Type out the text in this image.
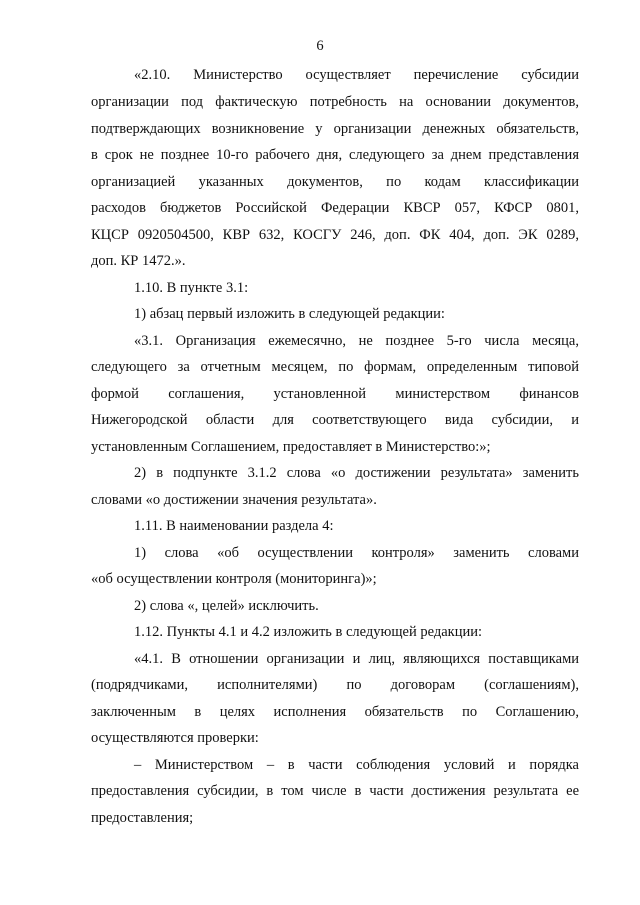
6
«2.10. Министерство осуществляет перечисление субсидии
организации под фактическую потребность на основании документов,
подтверждающих возникновение у организации денежных обязательств,
в срок не позднее 10-го рабочего дня, следующего за днем представления
организацией указанных документов, по кодам классификации
расходов бюджетов Российской Федерации КВСР 057, КФСР 0801,
КЦСР 0920504500, КВР 632, КОСГУ 246, доп. ФК 404, доп. ЭК 0289,
доп. КР 1472.».
1.10. В пункте 3.1:
1) абзац первый изложить в следующей редакции:
«3.1. Организация ежемесячно, не позднее 5-го числа месяца,
следующего за отчетным месяцем, по формам, определенным типовой
формой соглашения, установленной министерством финансов
Нижегородской области для соответствующего вида субсидии, и
установленным Соглашением, предоставляет в Министерство:»;
2) в подпункте 3.1.2 слова «о достижении результата» заменить
словами «о достижении значения результата».
1.11. В наименовании раздела 4:
1) слова «об осуществлении контроля» заменить словами
«об осуществлении контроля (мониторинга)»;
2) слова «, целей» исключить.
1.12. Пункты 4.1 и 4.2 изложить в следующей редакции:
«4.1. В отношении организации и лиц, являющихся поставщиками
(подрядчиками, исполнителями) по договорам (соглашениям),
заключенным в целях исполнения обязательств по Соглашению,
осуществляются проверки:
– Министерством – в части соблюдения условий и порядка
предоставления субсидии, в том числе в части достижения результата ее
предоставления;
